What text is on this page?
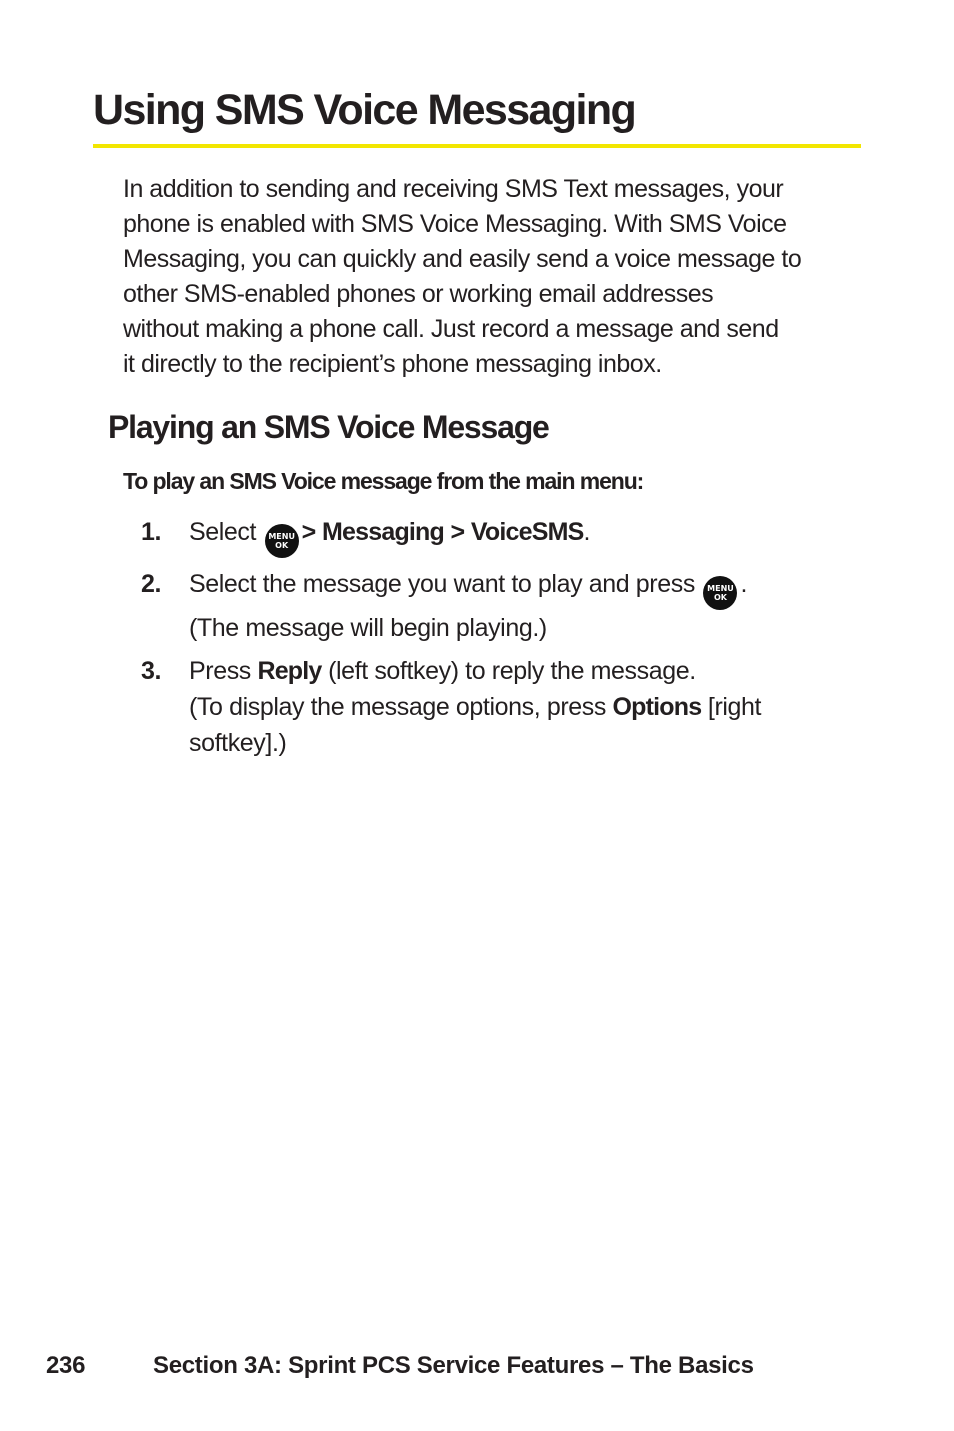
Using SMS Voice Messaging

In addition to sending and receiving SMS Text messages, your
phone is enabled with SMS Voice Messaging. With SMS Voice
Messaging, you can quickly and easily send a voice message to
other SMS-enabled phones or working email addresses
without making a phone call. Just record a message and send
it directly to the recipient’s phone messaging inbox.

Playing an SMS Voice Message

To play an SMS Voice message from the main menu:

1. Select MENU
OK > Messaging > VoiceSMS.
2. Select the message you want to play and press MENU
OK .
(The message will begin playing.)
3. Press Reply (left softkey) to reply the message.
(To display the message options, press Options [right
softkey].)
236	Section 3A: Sprint PCS Service Features – The Basics
